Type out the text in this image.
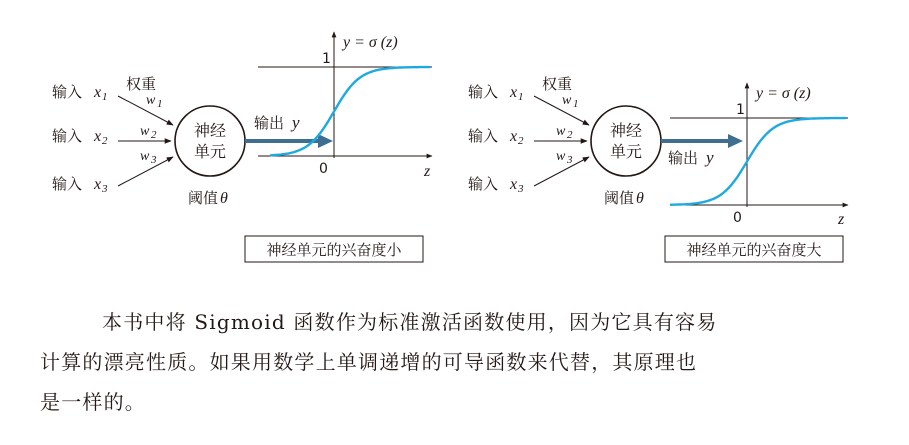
输入 x 1
输入 x 2
输入 x 3
权重
w 1
w 2
w 3
神经
单元
阈值 θ
输出 y
1
0	z
y = σ (z)
神经单元的兴奋度小
输入 x 1
输入 x 2
输入 x 3
权重
w 1
w 2
w 3
神经
单元
阈值 θ
输出 y
1
0	z
y = σ (z)
神经单元的兴奋度大

本书中将 Sigmoid 函数作为标准激活函数使用，因为它具有容易
计算的漂亮性质。如果用数学上单调递增的可导函数来代替，其原理也
是一样的。
